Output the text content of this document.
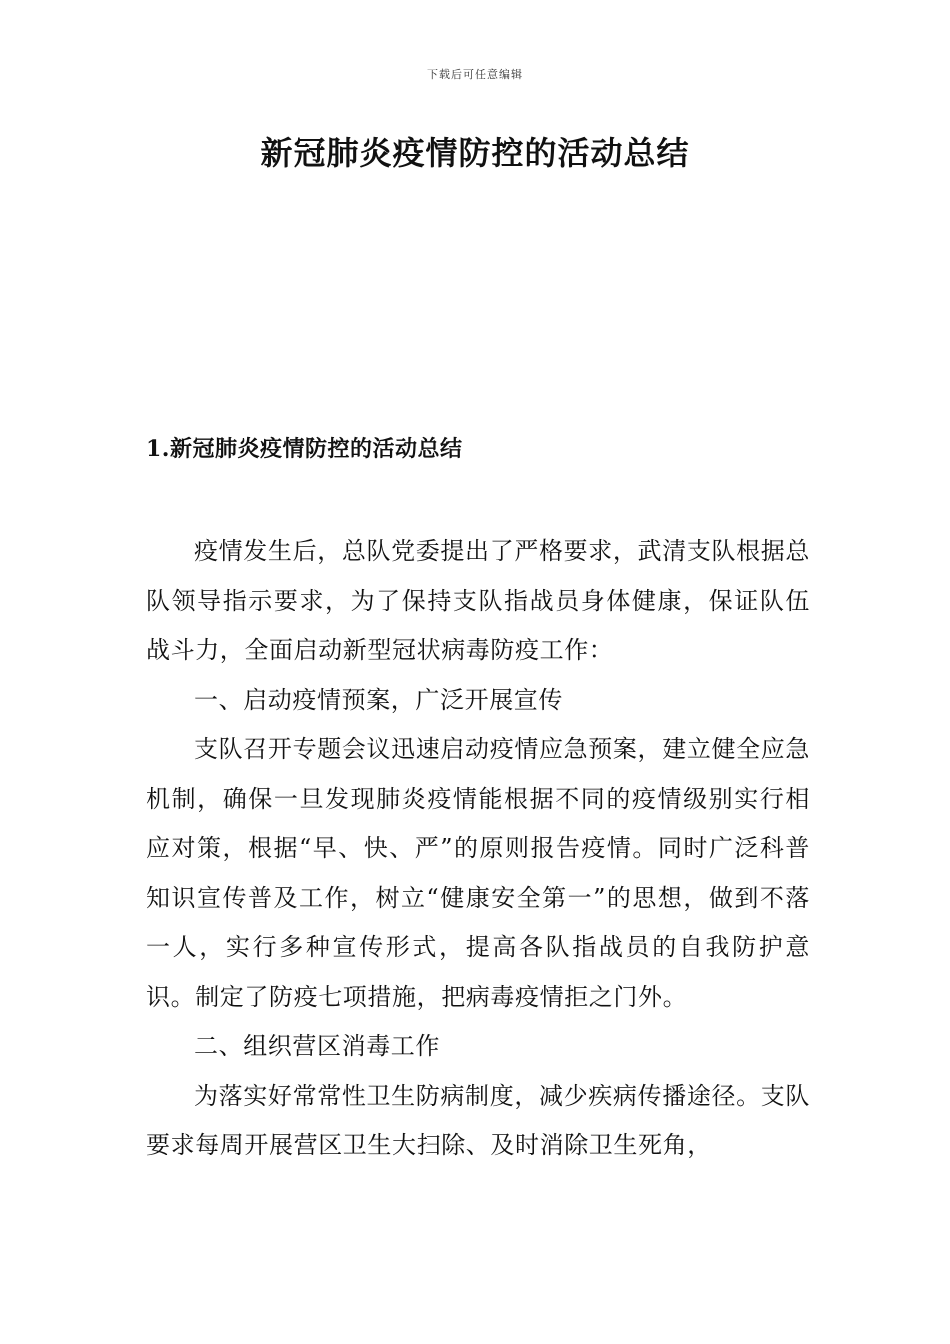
下载后可任意编辑
新冠肺炎疫情防控的活动总结
1.新冠肺炎疫情防控的活动总结

疫情发生后，总队党委提出了严格要求，武清支队根据总队领导指示要求，为了保持支队指战员身体健康，保证队伍战斗力，全面启动新型冠状病毒防疫工作：

一、启动疫情预案，广泛开展宣传

支队召开专题会议迅速启动疫情应急预案，建立健全应急机制，确保一旦发现肺炎疫情能根据不同的疫情级别实行相应对策，根据“早、快、严”的原则报告疫情。同时广泛科普知识宣传普及工作，树立“健康安全第一”的思想，做到不落一人，实行多种宣传形式，提高各队指战员的自我防护意识。制定了防疫七项措施，把病毒疫情拒之门外。

二、组织营区消毒工作

为落实好常常性卫生防病制度，减少疾病传播途径。支队要求每周开展营区卫生大扫除、及时消除卫生死角，
